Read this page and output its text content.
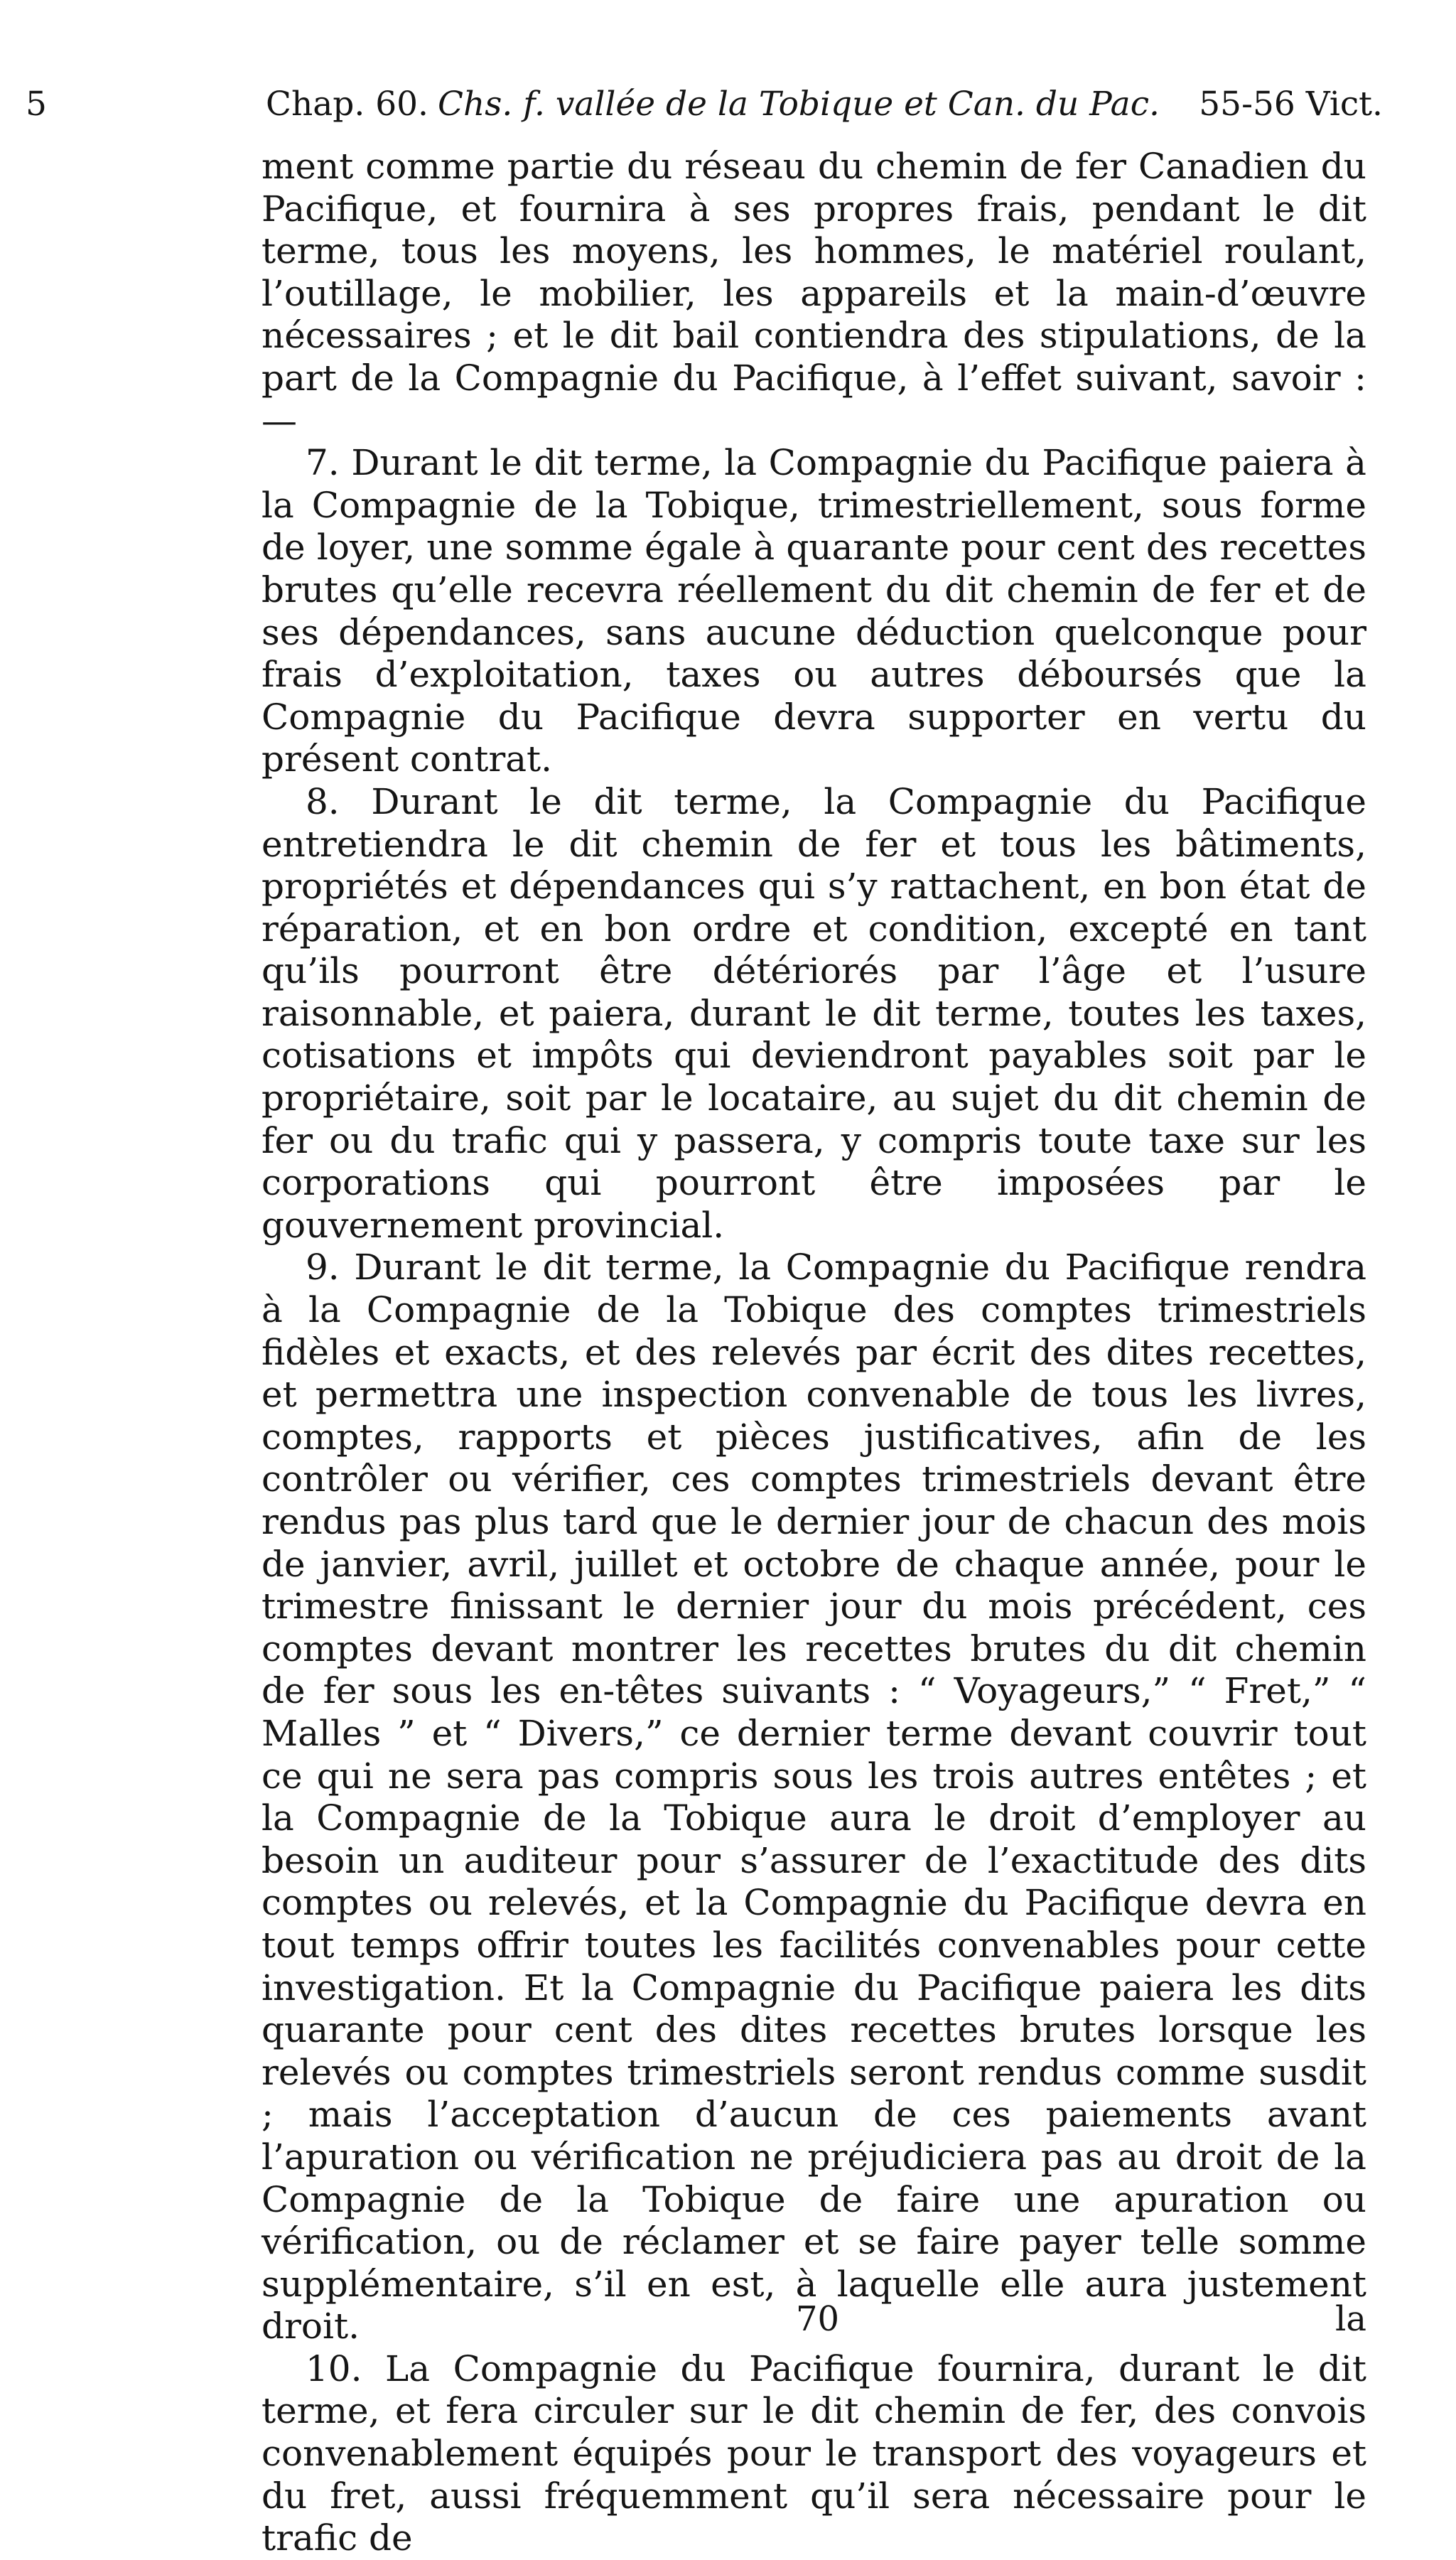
5	Chap. 60. Chs. f. vallée de la Tobique et Can. du Pac. 55-56 Vict.

ment comme partie du réseau du chemin de fer Canadien du Pacifique, et fournira à ses propres frais, pendant le dit terme, tous les moyens, les hommes, le matériel roulant, l’outillage, le mobilier, les appareils et la main-d’œuvre nécessaires ; et le dit bail contiendra des stipulations, de la part de la Compagnie du Pacifique, à l’effet suivant, savoir :—

7. Durant le dit terme, la Compagnie du Pacifique paiera à la Compagnie de la Tobique, trimestriellement, sous forme de loyer, une somme égale à quarante pour cent des recettes brutes qu’elle recevra réellement du dit chemin de fer et de ses dépendances, sans aucune déduction quelconque pour frais d’exploitation, taxes ou autres déboursés que la Compagnie du Pacifique devra supporter en vertu du présent contrat.

8. Durant le dit terme, la Compagnie du Pacifique entretiendra le dit chemin de fer et tous les bâtiments, propriétés et dépendances qui s’y rattachent, en bon état de réparation, et en bon ordre et condition, excepté en tant qu’ils pourront être détériorés par l’âge et l’usure raisonnable, et paiera, durant le dit terme, toutes les taxes, cotisations et impôts qui deviendront payables soit par le propriétaire, soit par le locataire, au sujet du dit chemin de fer ou du trafic qui y passera, y compris toute taxe sur les corporations qui pourront être imposées par le gouvernement provincial.

9. Durant le dit terme, la Compagnie du Pacifique rendra à la Compagnie de la Tobique des comptes trimestriels fidèles et exacts, et des relevés par écrit des dites recettes, et permettra une inspection convenable de tous les livres, comptes, rapports et pièces justificatives, afin de les contrôler ou vérifier, ces comptes trimestriels devant être rendus pas plus tard que le dernier jour de chacun des mois de janvier, avril, juillet et octobre de chaque année, pour le trimestre finissant le dernier jour du mois précédent, ces comptes devant montrer les recettes brutes du dit chemin de fer sous les en-têtes suivants : “ Voyageurs,” “ Fret,” “ Malles ” et “ Divers,” ce dernier terme devant couvrir tout ce qui ne sera pas compris sous les trois autres entêtes ; et la Compagnie de la Tobique aura le droit d’employer au besoin un auditeur pour s’assurer de l’exactitude des dits comptes ou relevés, et la Compagnie du Pacifique devra en tout temps offrir toutes les facilités convenables pour cette investigation. Et la Compagnie du Pacifique paiera les dits quarante pour cent des dites recettes brutes lorsque les relevés ou comptes trimestriels seront rendus comme susdit ; mais l’acceptation d’aucun de ces paiements avant l’apuration ou vérification ne préjudiciera pas au droit de la Compagnie de la Tobique de faire une apuration ou vérification, ou de réclamer et se faire payer telle somme supplémentaire, s’il en est, à laquelle elle aura justement droit.

10. La Compagnie du Pacifique fournira, durant le dit terme, et fera circuler sur le dit chemin de fer, des convois convenablement équipés pour le transport des voyageurs et du fret, aussi fréquemment qu’il sera nécessaire pour le trafic de

70	la
